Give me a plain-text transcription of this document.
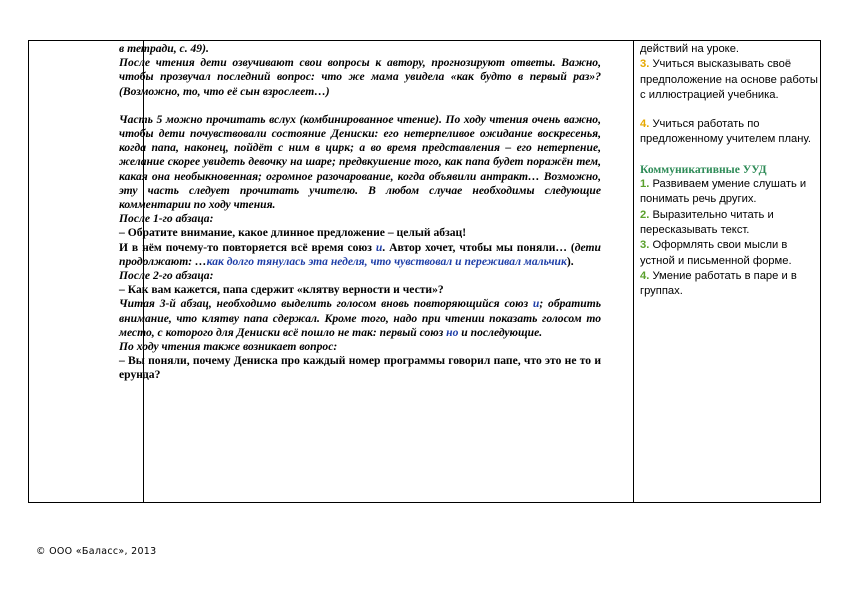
в тетради, с. 49).

После чтения дети озвучивают свои вопросы к автору, прогнозируют ответы. Важно, чтобы прозвучал последний вопрос: что же мама увидела «как будто в первый раз»? (Возможно, то, что её сын взрослеет…)

Часть 5 можно прочитать вслух (комбинированное чтение). По ходу чтения очень важно, чтобы дети почувствовали состояние Дениски: его нетерпеливое ожидание воскресенья, когда папа, наконец, пойдёт с ним в цирк; а во время представления – его нетерпение, желание скорее увидеть девочку на шаре; предвкушение того, как папа будет поражён тем, какая она необыкновенная; огромное разочарование, когда объявили антракт… Возможно, эту часть следует прочитать учителю. В любом случае необходимы следующие комментарии по ходу чтения.

После 1-го абзаца:

– Обратите внимание, какое длинное предложение – целый абзац!

И в нём почему-то повторяется всё время союз и. Автор хочет, чтобы мы поняли… (дети продолжают: …как долго тянулась эта неделя, что чувствовал и переживал мальчик).

После 2-го абзаца:

– Как вам кажется, папа сдержит «клятву верности и чести»?

Читая 3-й абзац, необходимо выделить голосом вновь повторяющийся союз и; обратить внимание, что клятву папа сдержал. Кроме того, надо при чтении показать голосом то место, с которого для Дениски всё пошло не так: первый союз но и последующие.

По ходу чтения также возникает вопрос:

– Вы поняли, почему Дениска про каждый номер программы говорил папе, что это не то и ерунда?

действий на уроке.

3. Учиться высказывать своё предположение на основе работы с иллюстрацией учебника.

4. Учиться работать по предложенному учителем плану.

Коммуникативные УУД

1. Развиваем умение слушать и понимать речь других.

2. Выразительно читать и пересказывать текст.

3. Оформлять свои мысли в устной и письменной форме.

4. Умение работать в паре и в группах.

© ООО «Баласс», 2013
